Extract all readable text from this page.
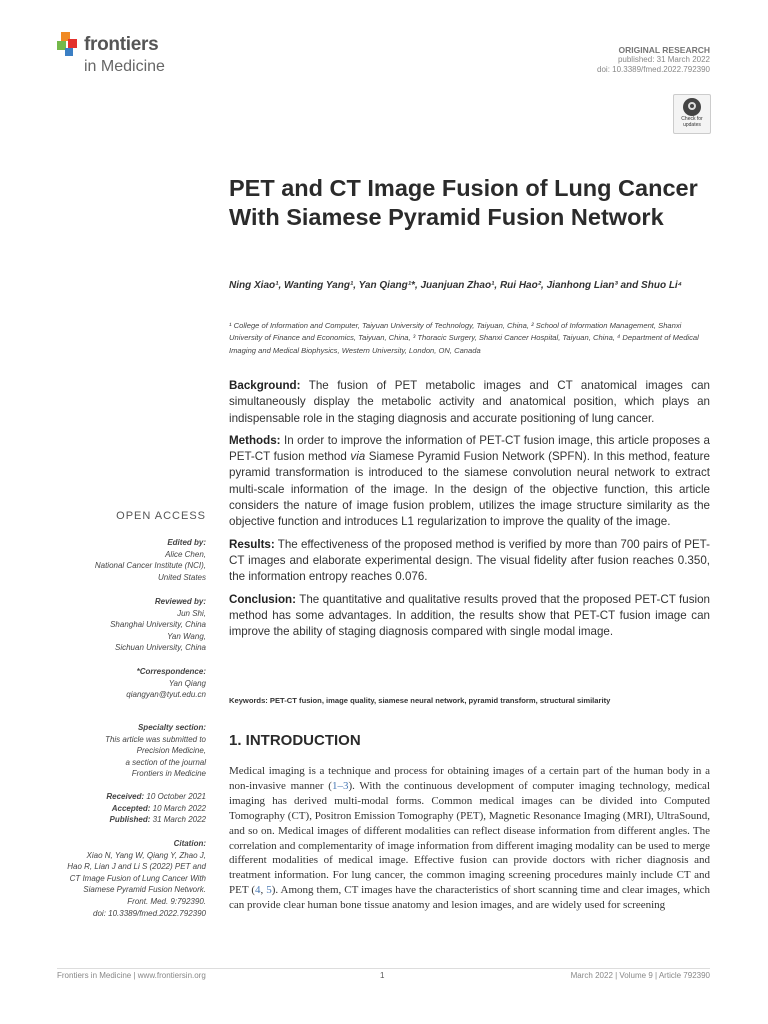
frontiers
in Medicine
ORIGINAL RESEARCH
published: 31 March 2022
doi: 10.3389/fmed.2022.792390
Check for updates
PET and CT Image Fusion of Lung Cancer With Siamese Pyramid Fusion Network
Ning Xiao¹, Wanting Yang¹, Yan Qiang¹*, Juanjuan Zhao¹, Rui Hao², Jianhong Lian³ and Shuo Li⁴
¹ College of Information and Computer, Taiyuan University of Technology, Taiyuan, China, ² School of Information Management, Shanxi University of Finance and Economics, Taiyuan, China, ³ Thoracic Surgery, Shanxi Cancer Hospital, Taiyuan, China, ⁴ Department of Medical Imaging and Medical Biophysics, Western University, London, ON, Canada

Background: The fusion of PET metabolic images and CT anatomical images can simultaneously display the metabolic activity and anatomical position, which plays an indispensable role in the staging diagnosis and accurate positioning of lung cancer.

Methods: In order to improve the information of PET-CT fusion image, this article proposes a PET-CT fusion method via Siamese Pyramid Fusion Network (SPFN). In this method, feature pyramid transformation is introduced to the siamese convolution neural network to extract multi-scale information of the image. In the design of the objective function, this article considers the nature of image fusion problem, utilizes the image structure similarity as the objective function and introduces L1 regularization to improve the quality of the image.

Results: The effectiveness of the proposed method is verified by more than 700 pairs of PET-CT images and elaborate experimental design. The visual fidelity after fusion reaches 0.350, the information entropy reaches 0.076.

Conclusion: The quantitative and qualitative results proved that the proposed PET-CT fusion method has some advantages. In addition, the results show that PET-CT fusion image can improve the ability of staging diagnosis compared with single modal image.

Keywords: PET-CT fusion, image quality, siamese neural network, pyramid transform, structural similarity
1. INTRODUCTION
Medical imaging is a technique and process for obtaining images of a certain part of the human body in a non-invasive manner (1–3). With the continuous development of computer imaging technology, medical imaging has derived multi-modal forms. Common medical images can be divided into Computed Tomography (CT), Positron Emission Tomography (PET), Magnetic Resonance Imaging (MRI), UltraSound, and so on. Medical images of different modalities can reflect disease information from different angles. The correlation and complementarity of image information from different imaging modality can be used to merge different modalities of medical image. Effective fusion can provide doctors with richer diagnosis and treatment information. For lung cancer, the common imaging screening procedures mainly include CT and PET (4, 5). Among them, CT images have the characteristics of short scanning time and clear images, which can provide clear human bone tissue anatomy and lesion images, and are widely used for screening
OPEN ACCESS
Edited by:
Alice Chen,
National Cancer Institute (NCI),
United States
Reviewed by:
Jun Shi,
Shanghai University, China
Yan Wang,
Sichuan University, China
*Correspondence:
Yan Qiang
qiangyan@tyut.edu.cn
Specialty section:
This article was submitted to
Precision Medicine,
a section of the journal
Frontiers in Medicine
Received: 10 October 2021
Accepted: 10 March 2022
Published: 31 March 2022
Citation:
Xiao N, Yang W, Qiang Y, Zhao J,
Hao R, Lian J and Li S (2022) PET and
CT Image Fusion of Lung Cancer With
Siamese Pyramid Fusion Network.
Front. Med. 9:792390.
doi: 10.3389/fmed.2022.792390
Frontiers in Medicine | www.frontiersin.org	1	March 2022 | Volume 9 | Article 792390
